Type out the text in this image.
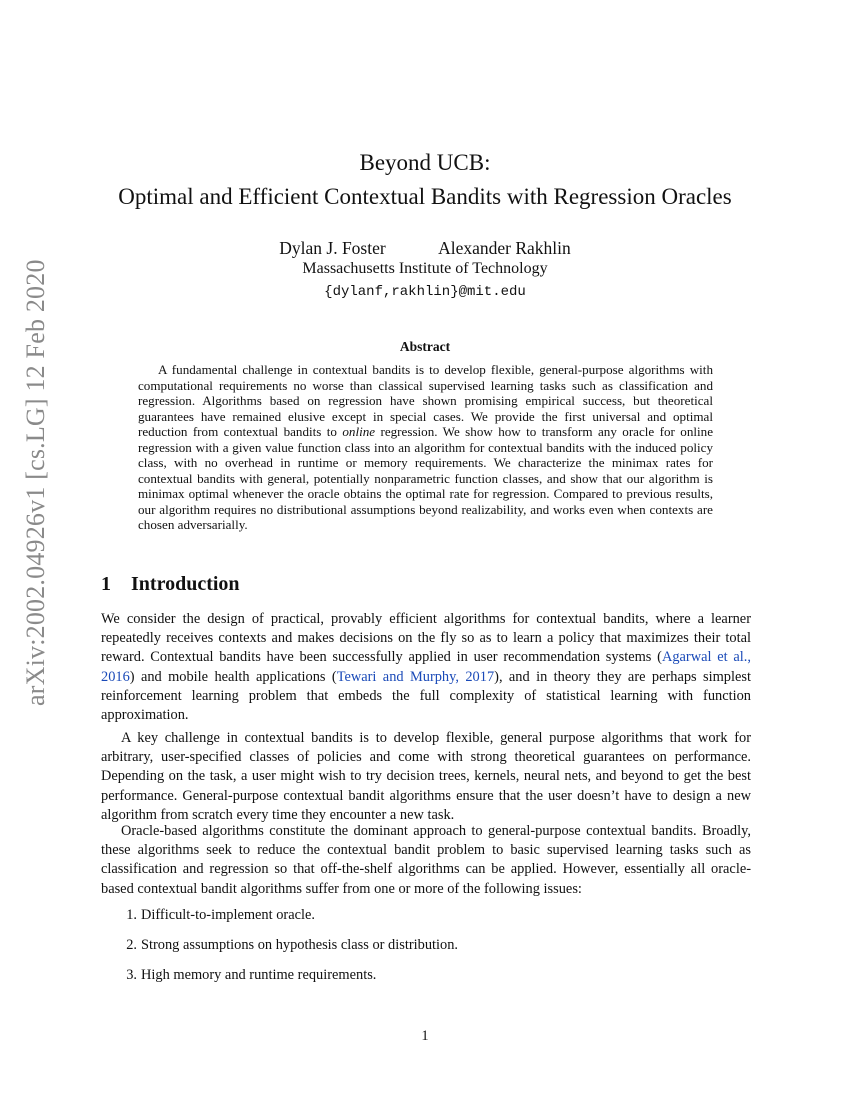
arXiv:2002.04926v1 [cs.LG] 12 Feb 2020
Beyond UCB:
Optimal and Efficient Contextual Bandits with Regression Oracles
Dylan J. Foster	Alexander Rakhlin
Massachusetts Institute of Technology
{dylanf,rakhlin}@mit.edu
Abstract

A fundamental challenge in contextual bandits is to develop flexible, general-purpose algorithms with computational requirements no worse than classical supervised learning tasks such as classification and regression. Algorithms based on regression have shown promising empirical success, but theoretical guarantees have remained elusive except in special cases. We provide the first universal and optimal reduction from contextual bandits to online regression. We show how to transform any oracle for online regression with a given value function class into an algorithm for contextual bandits with the induced policy class, with no overhead in runtime or memory requirements. We characterize the minimax rates for contextual bandits with general, potentially nonparametric function classes, and show that our algorithm is minimax optimal whenever the oracle obtains the optimal rate for regression. Compared to previous results, our algorithm requires no distributional assumptions beyond realizability, and works even when contexts are chosen adversarially.

1 Introduction

We consider the design of practical, provably efficient algorithms for contextual bandits, where a learner repeatedly receives contexts and makes decisions on the fly so as to learn a policy that maximizes their total reward. Contextual bandits have been successfully applied in user recommendation systems (Agarwal et al., 2016) and mobile health applications (Tewari and Murphy, 2017), and in theory they are perhaps simplest reinforcement learning problem that embeds the full complexity of statistical learning with function approximation.

A key challenge in contextual bandits is to develop flexible, general purpose algorithms that work for arbitrary, user-specified classes of policies and come with strong theoretical guarantees on performance. Depending on the task, a user might wish to try decision trees, kernels, neural nets, and beyond to get the best performance. General-purpose contextual bandit algorithms ensure that the user doesn’t have to design a new algorithm from scratch every time they encounter a new task.

Oracle-based algorithms constitute the dominant approach to general-purpose contextual bandits. Broadly, these algorithms seek to reduce the contextual bandit problem to basic supervised learning tasks such as classification and regression so that off-the-shelf algorithms can be applied. However, essentially all oracle-based contextual bandit algorithms suffer from one or more of the following issues:

1. Difficult-to-implement oracle.
2. Strong assumptions on hypothesis class or distribution.
3. High memory and runtime requirements.
1
